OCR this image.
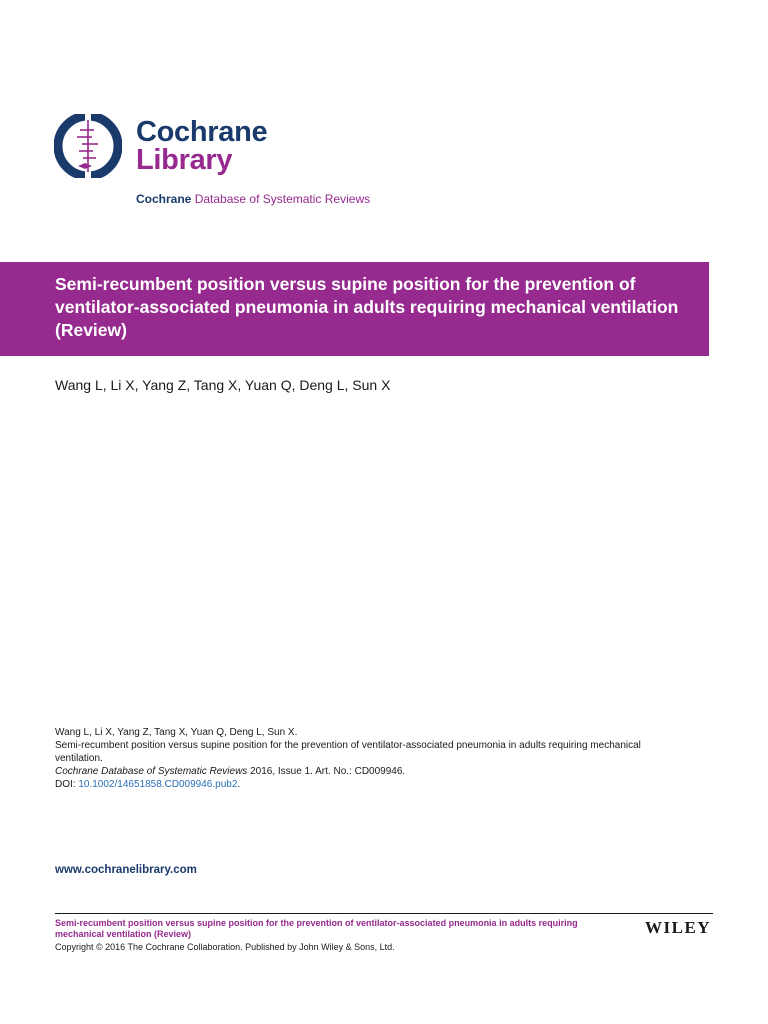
Cochrane
Library
Cochrane Database of Systematic Reviews
Semi-recumbent position versus supine position for the prevention of ventilator-associated pneumonia in adults requiring mechanical ventilation (Review)
Wang L, Li X, Yang Z, Tang X, Yuan Q, Deng L, Sun X
Wang L, Li X, Yang Z, Tang X, Yuan Q, Deng L, Sun X.
Semi-recumbent position versus supine position for the prevention of ventilator-associated pneumonia in adults requiring mechanical ventilation.
Cochrane Database of Systematic Reviews 2016, Issue 1. Art. No.: CD009946.
DOI: 10.1002/14651858.CD009946.pub2.
www.cochranelibrary.com
Semi-recumbent position versus supine position for the prevention of ventilator-associated pneumonia in adults requiring mechanical ventilation (Review)
Copyright © 2016 The Cochrane Collaboration. Published by John Wiley & Sons, Ltd.
WILEY
